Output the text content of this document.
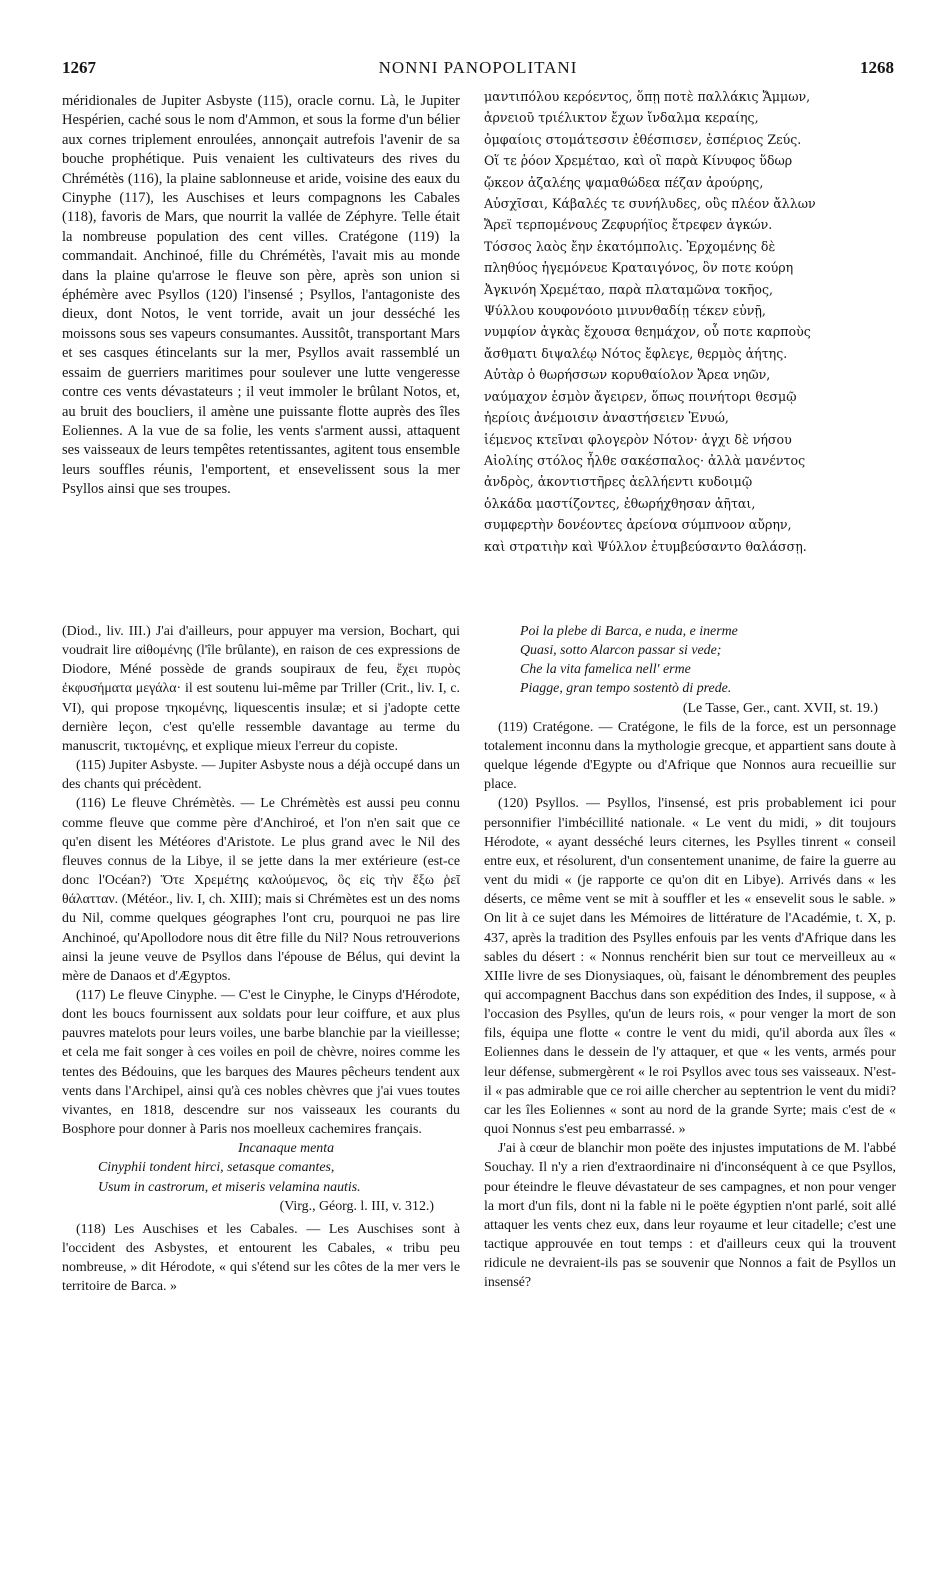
1267	NONNI PANOPOLITANI	1268

méridionales de Jupiter Asbyste (115), oracle cornu. Là, le Jupiter Hespérien, caché sous le nom d'Ammon, et sous la forme d'un bélier aux cornes triplement enroulées, annonçait autrefois l'avenir de sa bouche prophétique. Puis venaient les cultivateurs des rives du Chrémétès (116), la plaine sablonneuse et aride, voisine des eaux du Cinyphe (117), les Auschises et leurs compagnons les Cabales (118), favoris de Mars, que nourrit la vallée de Zéphyre. Telle était la nombreuse population des cent villes. Cratégone (119) la commandait. Anchinoé, fille du Chrémétès, l'avait mis au monde dans la plaine qu'arrose le fleuve son père, après son union si éphémère avec Psyllos (120) l'insensé ; Psyllos, l'antagoniste des dieux, dont Notos, le vent torride, avait un jour desséché les moissons sous ses vapeurs consumantes. Aussitôt, transportant Mars et ses casques étincelants sur la mer, Psyllos avait rassemblé un essaim de guerriers maritimes pour soulever une lutte vengeresse contre ces vents dévastateurs ; il veut immoler le brûlant Notos, et, au bruit des boucliers, il amène une puissante flotte auprès des îles Eoliennes. A la vue de sa folie, les vents s'arment aussi, attaquent ses vaisseaux de leurs tempêtes retentissantes, agitent tous ensemble leurs souffles réunis, l'emportent, et ensevelissent sous la mer Psyllos ainsi que ses troupes.

μαντιπόλου κερόεντος, ὅπῃ ποτὲ παλλάκις Ἄμμων,

ἀρνειοῦ τριέλικτον ἔχων ἴνδαλμα κεραίης,

ὀμφαίοις στομάτεσσιν ἐθέσπισεν, ἑσπέριος Ζεύς.

Οἵ τε ῥόον Χρεμέταο, καὶ οἳ παρὰ Κίνυφος ὕδωρ

ᾤκεον ἀζαλέης ψαμαθώδεα πέζαν ἀρούρης,

Αὐσχῖσαι, Κάβαλές τε συνήλυδες, οὓς πλέον ἄλλων

Ἄρεϊ τερπομένους Ζεφυρήϊος ἔτρεφεν ἀγκών.

Τόσσος λαὸς ἔην ἑκατόμπολις. Ἐρχομένης δὲ

πληθύος ἡγεμόνευε Κραταιγόνος, ὃν ποτε κούρη

Ἀγκινόη Χρεμέταο, παρὰ πλαταμῶνα τοκῆος,

Ψύλλου κουφονόοιο μινυνθαδίῃ τέκεν εὐνῇ,

νυμφίον ἀγκὰς ἔχουσα θεημάχον, οὗ ποτε καρποὺς

ἄσθματι διψαλέῳ Νότος ἔφλεγε, θερμὸς ἀήτης.

Αὐτὰρ ὁ θωρήσσων κορυθαίολον Ἄρεα νηῶν,

ναύμαχον ἑσμὸν ἄγειρεν, ὅπως ποινήτορι θεσμῷ

ἠερίοις ἀνέμοισιν ἀναστήσειεν Ἐνυώ,

ἱέμενος κτεῖναι φλογερὸν Νότον· ἀγχι δὲ νήσου

Αἰολίης στόλος ἦλθε σακέσπαλος· ἀλλὰ μανέντος

ἀνδρὸς, ἀκοντιστῆρες ἀελλήεντι κυδοιμῷ

ὁλκάδα μαστίζοντες, ἐθωρήχθησαν ἀῆται,

συμφερτὴν δονέοντες ἀρείονα σύμπνοον αὔρην,

καὶ στρατιὴν καὶ Ψύλλον ἐτυμβεύσαντο θαλάσσῃ.

(Diod., liv. III.) J'ai d'ailleurs, pour appuyer ma version, Bochart, qui voudrait lire αἰθομένης (l'île brûlante), en raison de ces expressions de Diodore, Méné possède de grands soupiraux de feu, ἔχει πυρὸς ἐκφυσήματα μεγάλα· il est soutenu lui-même par Triller (Crit., liv. I, c. VI), qui propose τηκομένης, liquescentis insulæ; et si j'adopte cette dernière leçon, c'est qu'elle ressemble davantage au terme du manuscrit, τικτομένης, et explique mieux l'erreur du copiste.

(115) Jupiter Asbyste. — Jupiter Asbyste nous a déjà occupé dans un des chants qui précèdent.

(116) Le fleuve Chrémètès. — Le Chrémètès est aussi peu connu comme fleuve que comme père d'Anchiroé, et l'on n'en sait que ce qu'en disent les Météores d'Aristote. Le plus grand avec le Nil des fleuves connus de la Libye, il se jette dans la mer extérieure (est-ce donc l'Océan?) Ὅτε Χρεμέτης καλούμενος, ὃς εἰς τὴν ἔξω ῥεῖ θάλατταν. (Météor., liv. I, ch. XIII); mais si Chrémètes est un des noms du Nil, comme quelques géographes l'ont cru, pourquoi ne pas lire Anchinoé, qu'Apollodore nous dit être fille du Nil? Nous retrouverions ainsi la jeune veuve de Psyllos dans l'épouse de Bélus, qui devint la mère de Danaos et d'Ægyptos.

(117) Le fleuve Cinyphe. — C'est le Cinyphe, le Cinyps d'Hérodote, dont les boucs fournissent aux soldats pour leur coiffure, et aux plus pauvres matelots pour leurs voiles, une barbe blanchie par la vieillesse; et cela me fait songer à ces voiles en poil de chèvre, noires comme les tentes des Bédouins, que les barques des Maures pêcheurs tendent aux vents dans l'Archipel, ainsi qu'à ces nobles chèvres que j'ai vues toutes vivantes, en 1818, descendre sur nos vaisseaux les courants du Bosphore pour donner à Paris nos moelleux cachemires français.

Incanaque menta

Cinyphii tondent hirci, setasque comantes,
Usum in castrorum, et miseris velamina nautis.

(Virg., Géorg. l. III, v. 312.)

(118) Les Auschises et les Cabales. — Les Auschises sont à l'occident des Asbystes, et entourent les Cabales, « tribu peu nombreuse, » dit Hérodote, « qui s'étend sur les côtes de la mer vers le territoire de Barca. »

Poi la plebe di Barca, e nuda, e inerme
Quasi, sotto Alarcon passar si vede;
Che la vita famelica nell' erme
Piagge, gran tempo sostentò di prede.

(Le Tasse, Ger., cant. XVII, st. 19.)

(119) Cratégone. — Cratégone, le fils de la force, est un personnage totalement inconnu dans la mythologie grecque, et appartient sans doute à quelque légende d'Egypte ou d'Afrique que Nonnos aura recueillie sur place.

(120) Psyllos. — Psyllos, l'insensé, est pris probablement ici pour personnifier l'imbécillité nationale. « Le vent du midi, » dit toujours Hérodote, « ayant desséché leurs citernes, les Psylles tinrent « conseil entre eux, et résolurent, d'un consentement unanime, de faire la guerre au vent du midi « (je rapporte ce qu'on dit en Libye). Arrivés dans « les déserts, ce même vent se mit à souffler et les « ensevelit sous le sable. » On lit à ce sujet dans les Mémoires de littérature de l'Académie, t. X, p. 437, après la tradition des Psylles enfouis par les vents d'Afrique dans les sables du désert : « Nonnus renchérit bien sur tout ce merveilleux au « XIIIe livre de ses Dionysiaques, où, faisant le dénombrement des peuples qui accompagnent Bacchus dans son expédition des Indes, il suppose, « à l'occasion des Psylles, qu'un de leurs rois, « pour venger la mort de son fils, équipa une flotte « contre le vent du midi, qu'il aborda aux îles « Eoliennes dans le dessein de l'y attaquer, et que « les vents, armés pour leur défense, submergèrent « le roi Psyllos avec tous ses vaisseaux. N'est-il « pas admirable que ce roi aille chercher au septentrion le vent du midi? car les îles Eoliennes « sont au nord de la grande Syrte; mais c'est de « quoi Nonnus s'est peu embarrassé. »

J'ai à cœur de blanchir mon poëte des injustes imputations de M. l'abbé Souchay. Il n'y a rien d'extraordinaire ni d'inconséquent à ce que Psyllos, pour éteindre le fleuve dévastateur de ses campagnes, et non pour venger la mort d'un fils, dont ni la fable ni le poëte égyptien n'ont parlé, soit allé attaquer les vents chez eux, dans leur royaume et leur citadelle; c'est une tactique approuvée en tout temps : et d'ailleurs ceux qui la trouvent ridicule ne devraient-ils pas se souvenir que Nonnos a fait de Psyllos un insensé?
